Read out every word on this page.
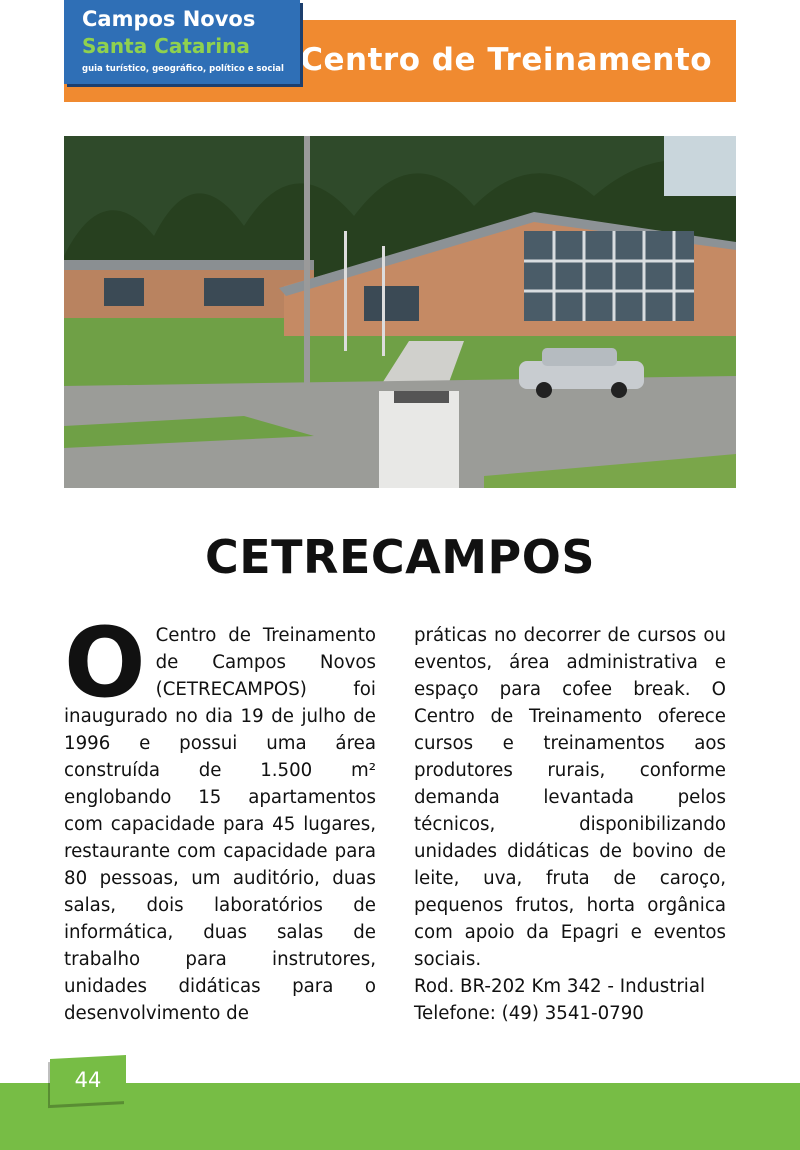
Centro de Treinamento
Campos Novos
Santa Catarina
guia turístico, geográfico, político e social
CETRECAMPOS
O Centro de Treinamento de Campos Novos (CETRECAMPOS) foi inaugurado no dia 19 de julho de 1996 e possui uma área construída de 1.500 m² englobando 15 apartamentos com capacidade para 45 lugares, restaurante com capacidade para 80 pessoas, um auditório, duas salas, dois laboratórios de informática, duas salas de trabalho para instrutores, unidades didáticas para o desenvolvimento de
práticas no decorrer de cursos ou eventos, área administrativa e espaço para cofee break. O Centro de Treinamento oferece cursos e treinamentos aos produtores rurais, conforme demanda levantada pelos técnicos, disponibilizando unidades didáticas de bovino de leite, uva, fruta de caroço, pequenos frutos, horta orgânica com apoio da Epagri e eventos sociais.
Rod. BR-202 Km 342 - Industrial
Telefone: (49) 3541-0790
44
